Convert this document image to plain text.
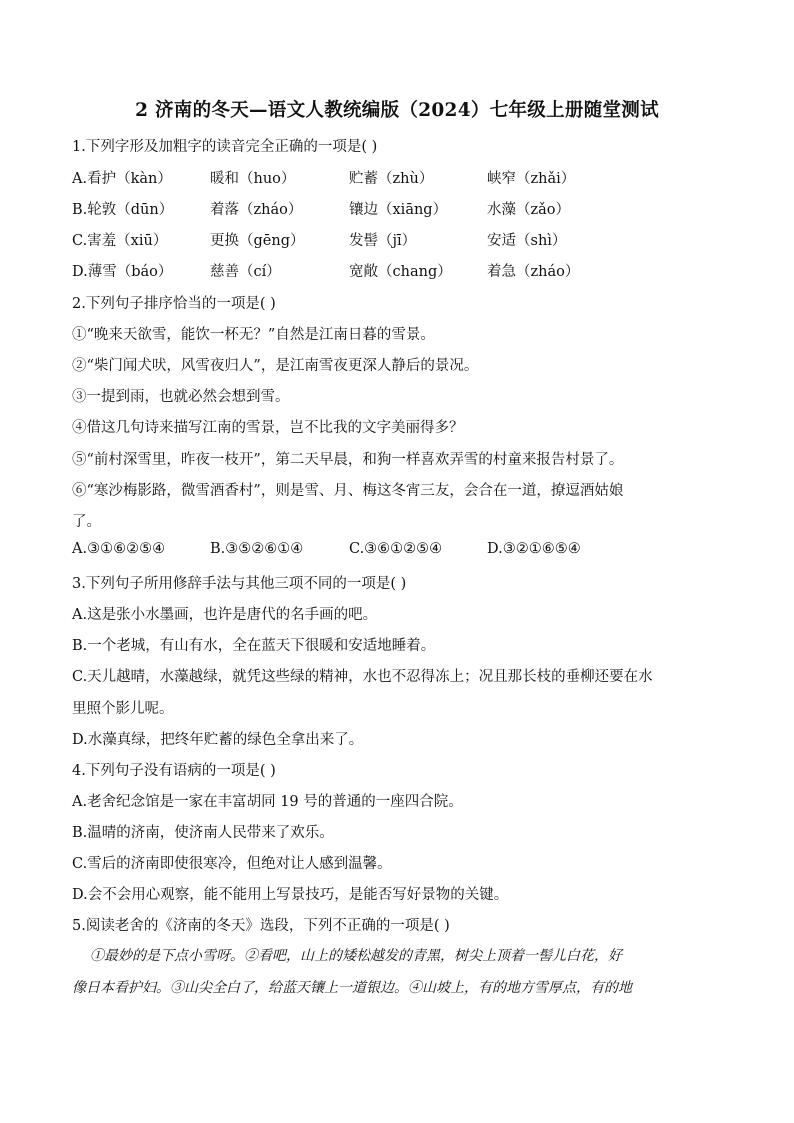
2 济南的冬天—语文人教统编版（2024）七年级上册随堂测试
1.下列字形及加粗字的读音完全正确的一项是( )
A.看护（kàn）	暖和（huo）	贮蓄（zhù）	峡窄（zhǎi）
B.轮敦（dūn）	着落（zháo）	镶边（xiāng）	水藻（zǎo）
C.害羞（xiū）	更换（gēng）	发髻（jī）	安适（shì）
D.薄雪（báo）	慈善（cí）	宽敞（chang） 着急（zháo）
2.下列句子排序恰当的一项是( )
①“晚来天欲雪，能饮一杯无？”自然是江南日暮的雪景。
②“柴门闻犬吠，风雪夜归人”，是江南雪夜更深人静后的景况。
③一提到雨，也就必然会想到雪。
④借这几句诗来描写江南的雪景，岂不比我的文字美丽得多？
⑤“前村深雪里，昨夜一枝开”，第二天早晨，和狗一样喜欢弄雪的村童来报告村景了。
⑥“寒沙梅影路，微雪酒香村”，则是雪、月、梅这冬宵三友，会合在一道，撩逗酒姑娘
了。
A.③①⑥②⑤④	B.③⑤②⑥①④	C.③⑥①②⑤④	D.③②①⑥⑤④
3.下列句子所用修辞手法与其他三项不同的一项是( )
A.这是张小水墨画，也许是唐代的名手画的吧。
B.一个老城，有山有水，全在蓝天下很暖和安适地睡着。
C.天儿越晴，水藻越绿，就凭这些绿的精神，水也不忍得冻上；况且那长枝的垂柳还要在水
里照个影儿呢。
D.水藻真绿，把终年贮蓄的绿色全拿出来了。
4.下列句子没有语病的一项是( )
A.老舍纪念馆是一家在丰富胡同 19 号的普通的一座四合院。
B.温晴的济南，使济南人民带来了欢乐。
C.雪后的济南即使很寒冷，但绝对让人感到温馨。
D.会不会用心观察，能不能用上写景技巧，是能否写好景物的关键。
5.阅读老舍的《济南的冬天》选段，下列不正确的一项是( )
①最妙的是下点小雪呀。②看吧，山上的矮松越发的青黑，树尖上顶着一髻儿白花，好
像日本看护妇。③山尖全白了，给蓝天镶上一道银边。④山坡上，有的地方雪厚点，有的地
